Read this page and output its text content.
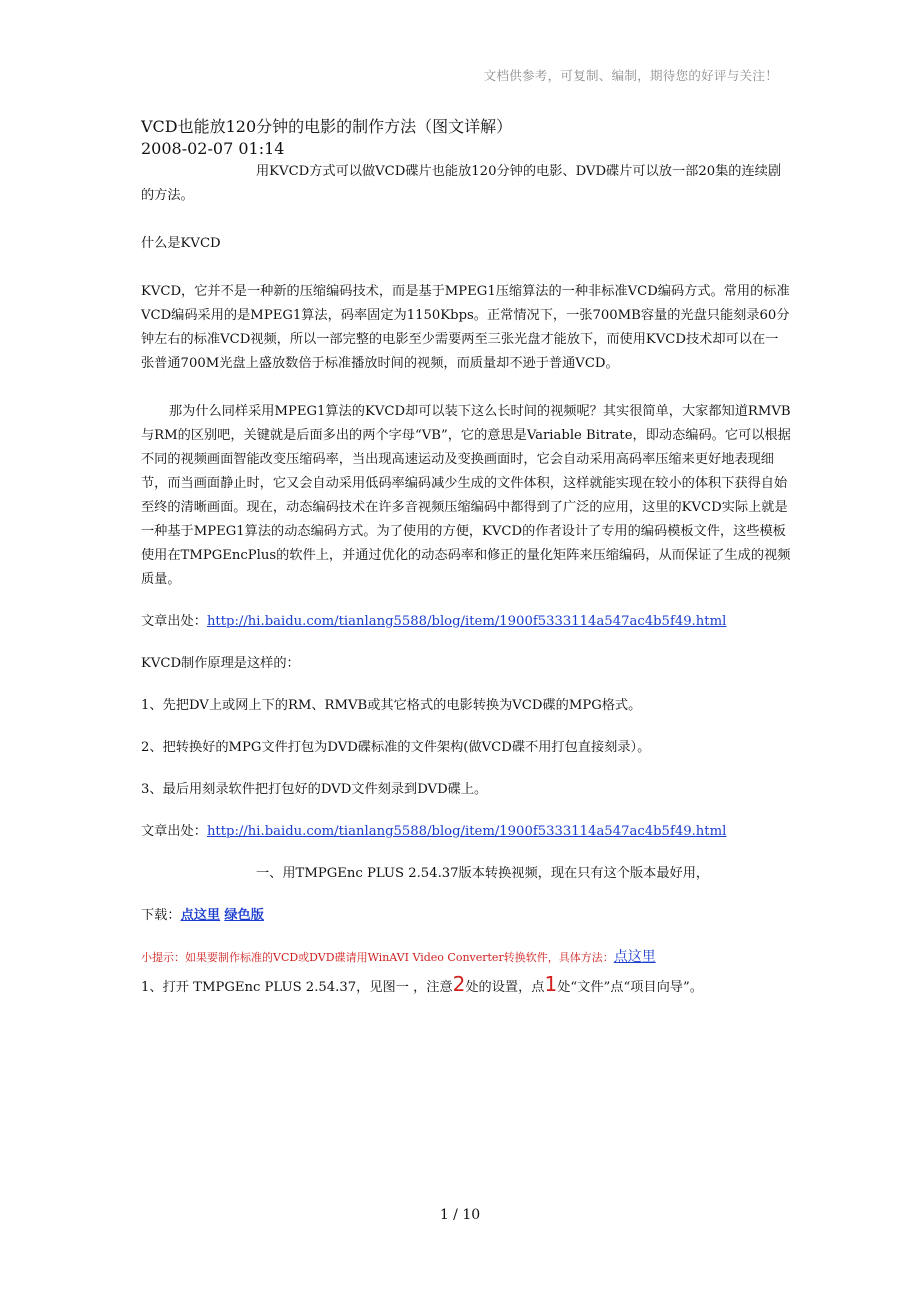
文档供参考，可复制、编制，期待您的好评与关注！

VCD也能放120分钟的电影的制作方法（图文详解）

2008-02-07 01:14

用KVCD方式可以做VCD碟片也能放120分钟的电影、DVD碟片可以放一部20集的连续剧的方法。

什么是KVCD

KVCD，它并不是一种新的压缩编码技术，而是基于MPEG1压缩算法的一种非标准VCD编码方式。常用的标准VCD编码采用的是MPEG1算法，码率固定为1150Kbps。正常情况下，一张700MB容量的光盘只能刻录60分钟左右的标准VCD视频，所以一部完整的电影至少需要两至三张光盘才能放下，而使用KVCD技术却可以在一张普通700M光盘上盛放数倍于标准播放时间的视频，而质量却不逊于普通VCD。

那为什么同样采用MPEG1算法的KVCD却可以装下这么长时间的视频呢？其实很简单，大家都知道RMVB与RM的区别吧，关键就是后面多出的两个字母“VB”，它的意思是Variable Bitrate，即动态编码。它可以根据不同的视频画面智能改变压缩码率，当出现高速运动及变换画面时，它会自动采用高码率压缩来更好地表现细节，而当画面静止时，它又会自动采用低码率编码减少生成的文件体积，这样就能实现在较小的体积下获得自始至终的清晰画面。现在，动态编码技术在许多音视频压缩编码中都得到了广泛的应用，这里的KVCD实际上就是一种基于MPEG1算法的动态编码方式。为了使用的方便，KVCD的作者设计了专用的编码模板文件，这些模板使用在TMPGEncPlus的软件上，并通过优化的动态码率和修正的量化矩阵来压缩编码，从而保证了生成的视频质量。

文章出处：http://hi.baidu.com/tianlang5588/blog/item/1900f5333114a547ac4b5f49.html

KVCD制作原理是这样的：

1、先把DV上或网上下的RM、RMVB或其它格式的电影转换为VCD碟的MPG格式。

2、把转换好的MPG文件打包为DVD碟标准的文件架构(做VCD碟不用打包直接刻录）。

3、最后用刻录软件把打包好的DVD文件刻录到DVD碟上。

文章出处：http://hi.baidu.com/tianlang5588/blog/item/1900f5333114a547ac4b5f49.html

一、用TMPGEnc PLUS 2.54.37版本转换视频，现在只有这个版本最好用，

下载：点这里 绿色版

小提示：如果要制作标准的VCD或DVD碟请用WinAVI Video Converter转换软件，具体方法：点这里

1、打开 TMPGEnc PLUS 2.54.37，见图一 ，注意2处的设置，点1处“文件”点“项目向导”。

1 / 10
